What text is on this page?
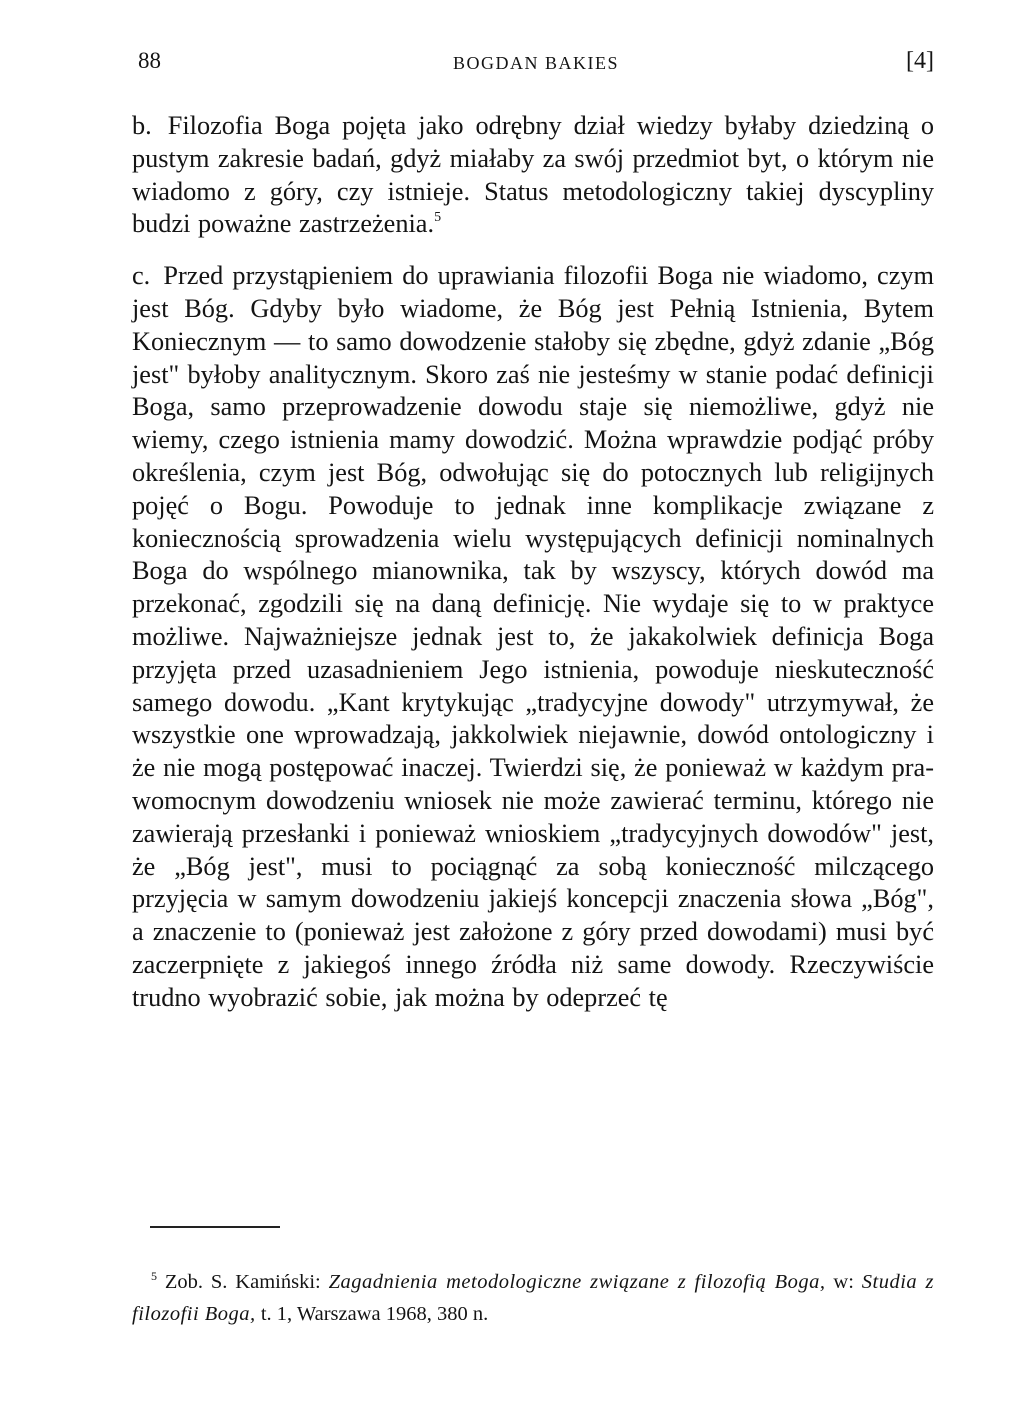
88	BOGDAN BAKIES	[4]

b. Filozofia Boga pojęta jako odrębny dział wiedzy byłaby dziedziną o pustym zakresie badań, gdyż miałaby za swój przedmiot byt, o którym nie wiadomo z góry, czy istnieje. Status metodologiczny takiej dyscypliny budzi poważne zastrzeżenia.$^5$

c. Przed przystąpieniem do uprawiania filozofii Boga nie wiadomo, czym jest Bóg. Gdyby było wiadome, że Bóg jest Pełnią Istnienia, Bytem Koniecznym — to samo dowodzenie stałoby się zbędne, gdyż zdanie „Bóg jest" byłoby analitycznym. Skoro zaś nie jesteśmy w stanie podać definicji Boga, samo przeprowadzenie dowodu staje się niemożliwe, gdyż nie wiemy, czego istnienia mamy dowodzić. Można wprawdzie podjąć próby określenia, czym jest Bóg, odwołując się do potocznych lub religijnych pojęć o Bogu. Powoduje to jednak inne komplikacje związane z koniecznością sprowadzenia wielu występujących definicji nominalnych Boga do wspólnego mianownika, tak by wszyscy, których dowód ma przekonać, zgodzili się na daną definicję. Nie wydaje się to w praktyce możliwe. Najważniejsze jednak jest to, że jakakolwiek definicja Boga przyjęta przed uzasadnieniem Jego istnienia, powoduje nieskuteczność samego dowodu. „Kant krytykując „tradycyjne dowody" utrzymywał, że wszystkie one wprowadzają, jakkolwiek niejawnie, dowód ontologiczny i że nie mogą postępować inaczej. Twierdzi się, że ponieważ w każdym prawomocnym dowodzeniu wniosek nie może zawierać terminu, którego nie zawierają przesłanki i ponieważ wnioskiem „tradycyjnych dowodów" jest, że „Bóg jest", musi to pociągnąć za sobą konieczność milczącego przyjęcia w samym dowodzeniu jakiejś koncepcji znaczenia słowa „Bóg", a znaczenie to (ponieważ jest założone z góry przed dowodami) musi być zaczerpnięte z jakiegoś innego źródła niż same dowody. Rzeczywiście trudno wyobrazić sobie, jak można by odeprzeć tę

$^5$ Zob. S. Kamiński: Zagadnienia metodologiczne związane z filozofią Boga, w: Studia z filozofii Boga, t. 1, Warszawa 1968, 380 n.
